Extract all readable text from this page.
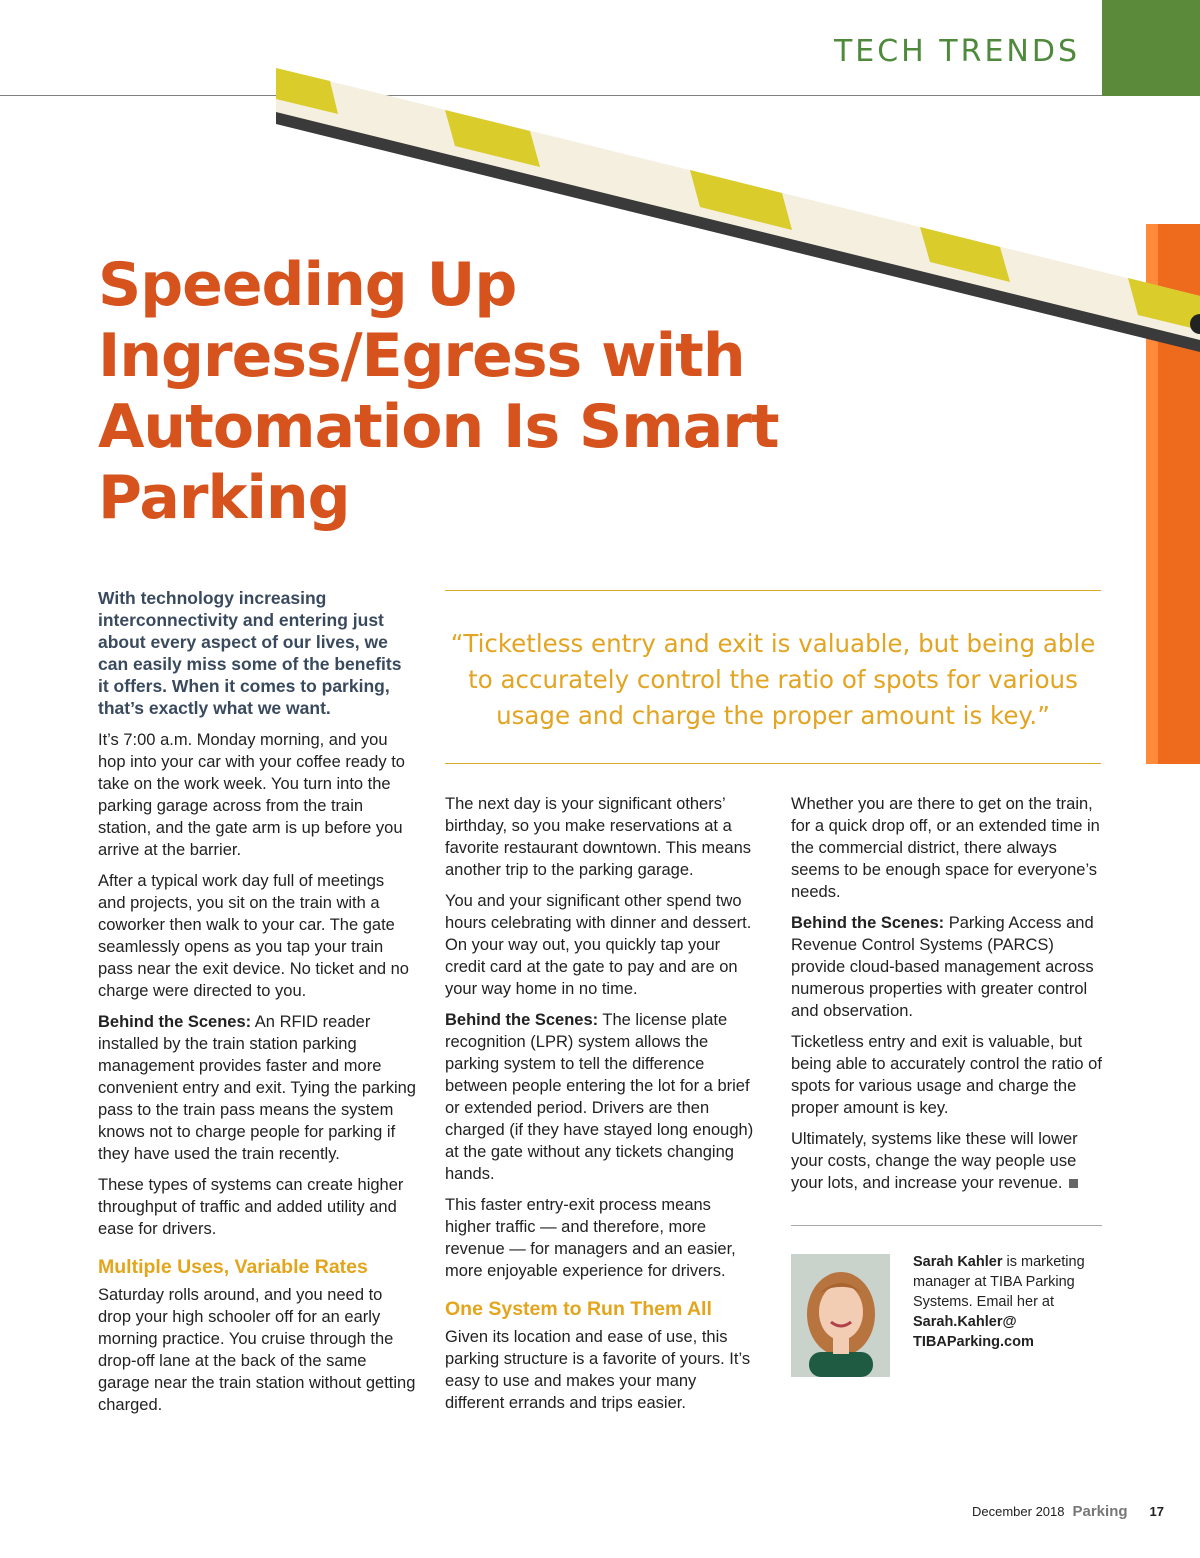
TECH TRENDS
Speeding Up
Ingress/Egress with
Automation Is Smart Parking

With technology increasing interconnectivity and entering just about every aspect of our lives, we can easily miss some of the benefits it offers. When it comes to parking, that’s exactly what we want.

It’s 7:00 a.m. Monday morning, and you hop into your car with your coffee ready to take on the work week. You turn into the parking garage across from the train station, and the gate arm is up before you arrive at the barrier.

After a typical work day full of meetings and projects, you sit on the train with a coworker then walk to your car. The gate seamlessly opens as you tap your train pass near the exit device. No ticket and no charge were directed to you.

Behind the Scenes: An RFID reader installed by the train station parking management provides faster and more convenient entry and exit. Tying the parking pass to the train pass means the system knows not to charge people for parking if they have used the train recently.

These types of systems can create higher throughput of traffic and added utility and ease for drivers.

Multiple Uses, Variable Rates

Saturday rolls around, and you need to drop your high schooler off for an early morning practice. You cruise through the drop-off lane at the back of the same garage near the train station without getting charged.

“Ticketless entry and exit is valuable, but being able to accurately control the ratio of spots for various usage and charge the proper amount is key.”

The next day is your significant others’ birthday, so you make reservations at a favorite restaurant downtown. This means another trip to the parking garage.

You and your significant other spend two hours celebrating with dinner and dessert. On your way out, you quickly tap your credit card at the gate to pay and are on your way home in no time.

Behind the Scenes: The license plate recognition (LPR) system allows the parking system to tell the difference between people entering the lot for a brief or extended period. Drivers are then charged (if they have stayed long enough) at the gate without any tickets changing hands.

This faster entry-exit process means higher traffic — and therefore, more revenue — for managers and an easier, more enjoyable experience for drivers.

One System to Run Them All

Given its location and ease of use, this parking structure is a favorite of yours. It’s easy to use and makes your many different errands and trips easier.

Whether you are there to get on the train, for a quick drop off, or an extended time in the commercial district, there always seems to be enough space for everyone’s needs.

Behind the Scenes: Parking Access and Revenue Control Systems (PARCS) provide cloud-based management across numerous properties with greater control and observation.

Ticketless entry and exit is valuable, but being able to accurately control the ratio of spots for various usage and charge the proper amount is key.

Ultimately, systems like these will lower your costs, change the way people use your lots, and increase your revenue.

Sarah Kahler is marketing manager at TIBA Parking Systems. Email her at Sarah.Kahler@ TIBAParking.com
December 2018 Parking 17
